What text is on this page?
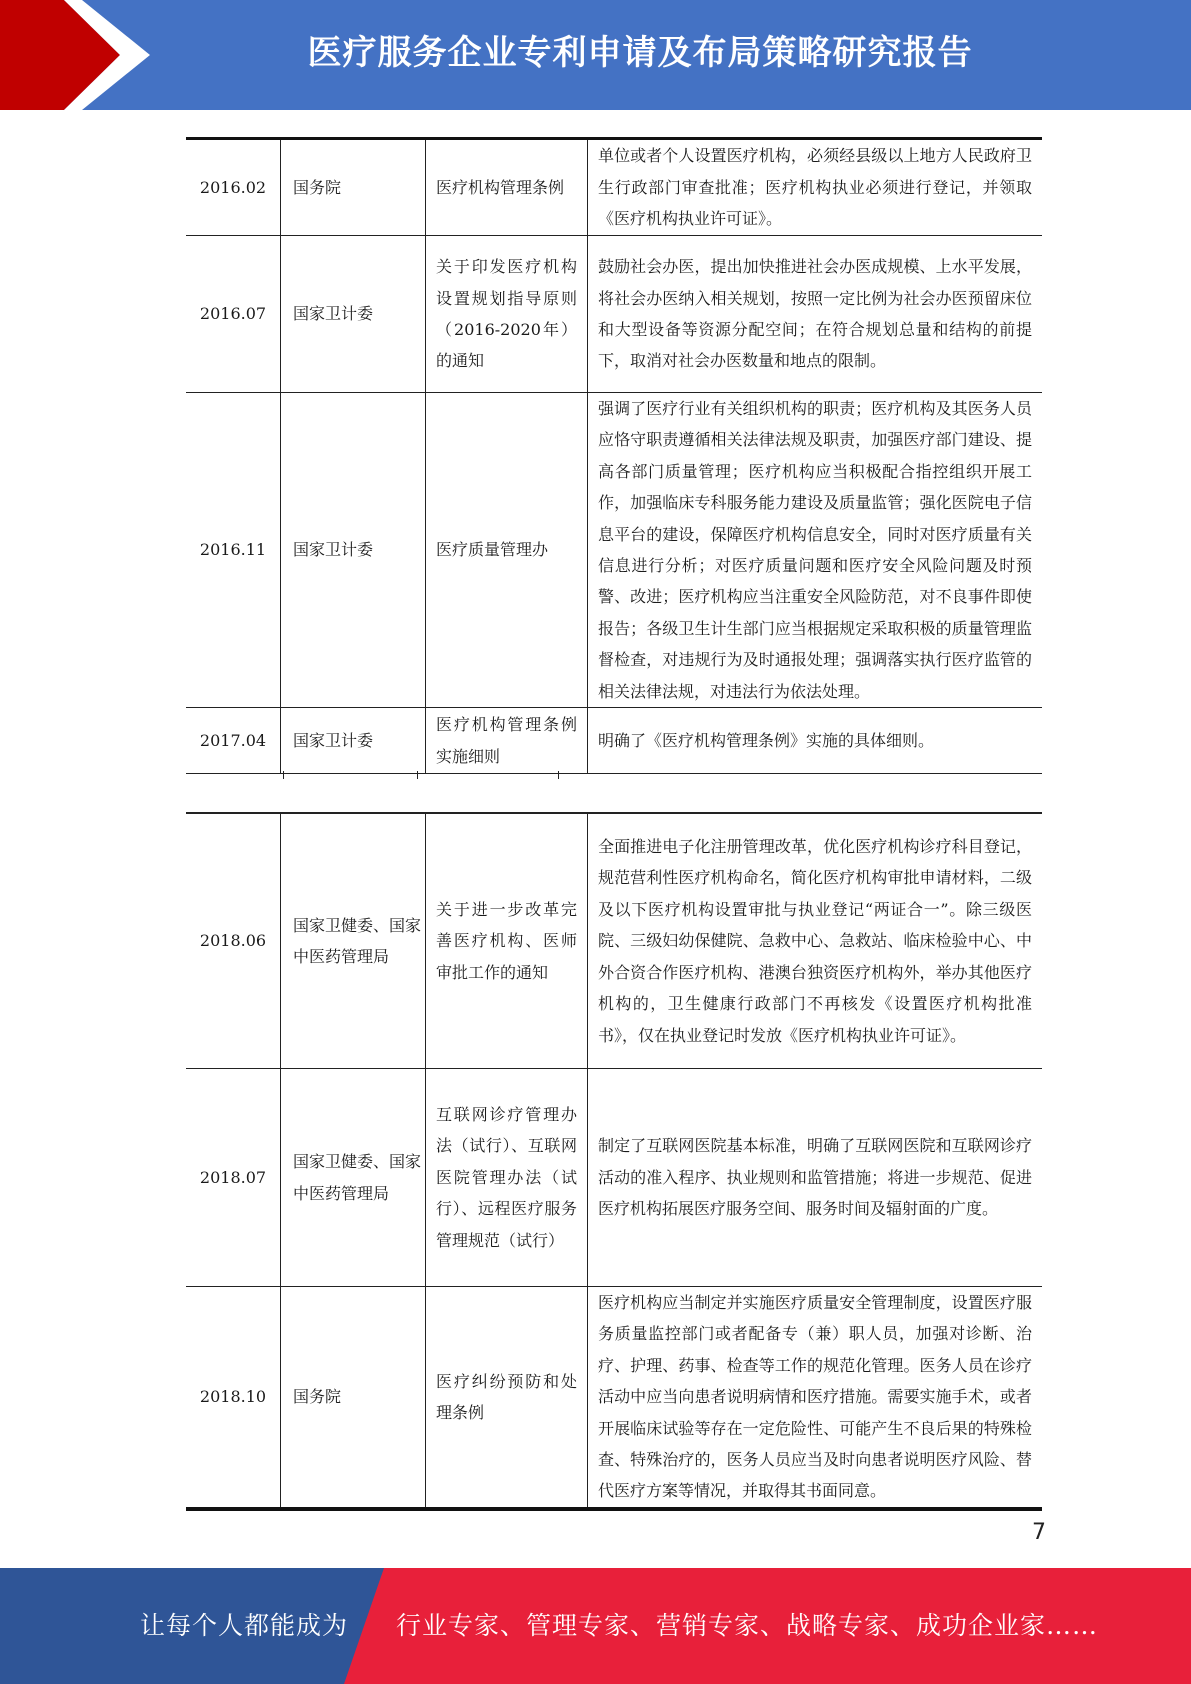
医疗服务企业专利申请及布局策略研究报告
2016.02	国务院	医疗机构管理条例	单位或者个人设置医疗机构，必须经县级以上地方人民政府卫生行政部门审查批准；医疗机构执业必须进行登记，并领取《医疗机构执业许可证》。
2016.07	国家卫计委	关于印发医疗机构设置规划指导原则（2016-2020年）的通知	鼓励社会办医，提出加快推进社会办医成规模、上水平发展，将社会办医纳入相关规划，按照一定比例为社会办医预留床位和大型设备等资源分配空间；在符合规划总量和结构的前提下，取消对社会办医数量和地点的限制。
2016.11	国家卫计委	医疗质量管理办	强调了医疗行业有关组织机构的职责；医疗机构及其医务人员应恪守职责遵循相关法律法规及职责，加强医疗部门建设、提高各部门质量管理；医疗机构应当积极配合指控组织开展工作，加强临床专科服务能力建设及质量监管；强化医院电子信息平台的建设，保障医疗机构信息安全，同时对医疗质量有关信息进行分析；对医疗质量问题和医疗安全风险问题及时预警、改进；医疗机构应当注重安全风险防范，对不良事件即使报告；各级卫生计生部门应当根据规定采取积极的质量管理监督检查，对违规行为及时通报处理；强调落实执行医疗监管的相关法律法规，对违法行为依法处理。
2017.04	国家卫计委	医疗机构管理条例实施细则	明确了《医疗机构管理条例》实施的具体细则。
2018.06	国家卫健委、国家中医药管理局	关于进一步改革完善医疗机构、医师审批工作的通知	全面推进电子化注册管理改革，优化医疗机构诊疗科目登记，规范营利性医疗机构命名，简化医疗机构审批申请材料，二级及以下医疗机构设置审批与执业登记“两证合一”。除三级医院、三级妇幼保健院、急救中心、急救站、临床检验中心、中外合资合作医疗机构、港澳台独资医疗机构外，举办其他医疗机构的，卫生健康行政部门不再核发《设置医疗机构批准书》，仅在执业登记时发放《医疗机构执业许可证》。
2018.07	国家卫健委、国家中医药管理局	互联网诊疗管理办法（试行）、互联网医院管理办法（试行）、远程医疗服务管理规范（试行）	制定了互联网医院基本标准，明确了互联网医院和互联网诊疗活动的准入程序、执业规则和监管措施；将进一步规范、促进医疗机构拓展医疗服务空间、服务时间及辐射面的广度。
2018.10	国务院	医疗纠纷预防和处理条例	医疗机构应当制定并实施医疗质量安全管理制度，设置医疗服务质量监控部门或者配备专（兼）职人员，加强对诊断、治疗、护理、药事、检查等工作的规范化管理。医务人员在诊疗活动中应当向患者说明病情和医疗措施。需要实施手术，或者开展临床试验等存在一定危险性、可能产生不良后果的特殊检查、特殊治疗的，医务人员应当及时向患者说明医疗风险、替代医疗方案等情况，并取得其书面同意。
7
让每个人都能成为 行业专家、管理专家、营销专家、战略专家、成功企业家……
